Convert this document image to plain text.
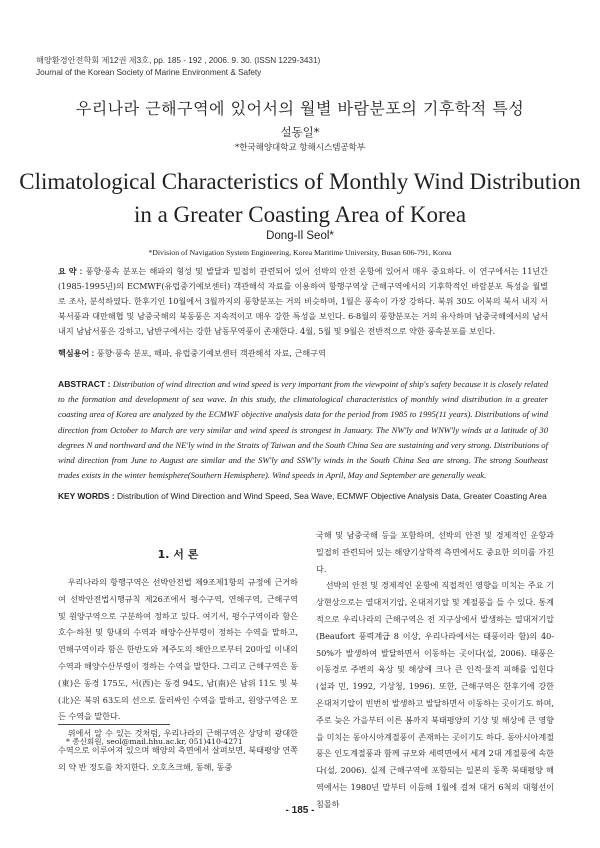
해양환경안전학회 제12권 제3호, pp. 185 - 192 , 2006. 9. 30. (ISSN 1229-3431)
Journal of the Korean Society of Marine Environment & Safety
우리나라 근해구역에 있어서의 월별 바람분포의 기후학적 특성
설동일*
*한국해양대학교 항해시스템공학부
Climatological Characteristics of Monthly Wind Distribution
in a Greater Coasting Area of Korea
Dong-Il Seol*
*Division of Navigation System Engineering, Korea Maritime University, Busan 606-791, Korea
요 약 : 풍향·풍속 분포는 해파의 형성 및 발달과 밀접히 관련되어 있어 선박의 안전 운항에 있어서 매우 중요하다. 이 연구에서는 11년간(1985-1995년)의 ECMWF(유럽중기예보센터) 객관해석 자료를 이용하여 항행구역상 근해구역에서의 기후학적인 바람분포 특성을 월별로 조사, 분석하였다. 한후기인 10월에서 3월까지의 풍향분포는 거의 비슷하며, 1월은 풍속이 가장 강하다. 북위 30도 이북의 북서 내지 서북서풍과 대만해협 및 남중국해의 북동풍은 지속적이고 매우 강한 특성을 보인다. 6-8월의 풍향분포는 거의 유사하며 남중국해에서의 남서 내지 남남서풍은 강하고, 남반구에서는 강한 남동무역풍이 존재한다. 4월, 5월 및 9월은 전반적으로 약한 풍속분포를 보인다.
핵심용어 : 풍향·풍속 분포, 해파, 유럽중기예보센터 객관해석 자료, 근해구역
ABSTRACT : Distribution of wind direction and wind speed is very important from the viewpoint of ship's safety because it is closely related to the formation and development of sea wave. In this study, the climatological characteristics of monthly wind distribution in a greater coasting area of Korea are analyzed by the ECMWF objective analysis data for the period from 1985 to 1995(11 years). Distributions of wind direction from October to March are very similar and wind speed is strongest in January. The NW'ly and WNW'ly winds at a latitude of 30 degrees N and northward and the NE'ly wind in the Straits of Taiwan and the South China Sea are sustaining and very strong. Distributions of wind direction from June to August are similar and the SW'ly and SSW'ly winds in the South China Sea are strong. The strong Southeast trades exists in the winter hemisphere(Southern Hemisphere). Wind speeds in April, May and September are generally weak.
KEY WORDS : Distribution of Wind Direction and Wind Speed, Sea Wave, ECMWF Objective Analysis Data, Greater Coasting Area
1. 서 론

우리나라의 항행구역은 선박안전법 제9조제1항의 규정에 근거하여 선박안전법시행규칙 제26조에서 평수구역, 연해구역, 근해구역 및 원양구역으로 구분하여 정하고 있다. 여기서, 평수구역이라 함은 호수·하천 및 항내의 수역과 해양수산부령이 정하는 수역을 말하고, 연해구역이라 함은 한반도와 제주도의 해안으로부터 20마일 이내의 수역과 해양수산부령이 정하는 수역을 말한다. 그리고 근해구역은 동(東)은 동경 175도, 서(西)는 동경 94도, 남(南)은 남위 11도 및 북(北)은 북위 63도의 선으로 둘러싸인 수역을 말하고, 원양구역은 모든 수역을 말한다.

위에서 알 수 있는 것처럼, 우리나라의 근해구역은 상당히 광대한 수역으로 이루어져 있으며 해양의 측면에서 살펴보면, 북태평양 연쪽의 약 반 정도를 차지한다. 오호츠크해, 동해, 동중

국해 및 남중국해 등을 포함하며, 선박의 안전 및 경제적인 운항과 밀접히 관련되어 있는 해양기상학적 측면에서도 중요한 의미를 가진다.

선박의 안전 및 경제적인 운항에 직접적인 영향을 미치는 주요 기상현상으로는 열대저기압, 온대저기압 및 계절풍을 들 수 있다. 통계적으로 우리나라의 근해구역은 전 지구상에서 발생하는 열대저기압(Beaufort 풍력계급 8 이상, 우리나라에서는 태풍이라 함)의 40-50%가 발생하여 발달하면서 이동하는 곳이다(설, 2006). 태풍은 이동경로 주변의 육상 및 해상에 크나 큰 인적·물적 피해를 입힌다(설과 민, 1992, 기상청, 1996). 또한, 근해구역은 한후기에 강한 온대저기압이 빈번히 발생하고 발달하면서 이동하는 곳이기도 하며, 주로 늦은 가을부터 이른 봄까지 북태평양의 기상 및 해상에 큰 영향을 미치는 동아시아계절풍이 존재하는 곳이기도 하다. 동아시아계절풍은 인도계절풍과 함께 규모와 세력면에서 세계 2대 계절풍에 속한다(설, 2006). 실제 근해구역에 포함되는 일본의 동쪽 북태평양 해역에서는 1980년 말부터 이듬해 1월에 걸쳐 대거 6척의 대형선이 침몰하

* 종신회원, seol@mail.hhu.ac.kr, 051)410-4271
- 185 -
